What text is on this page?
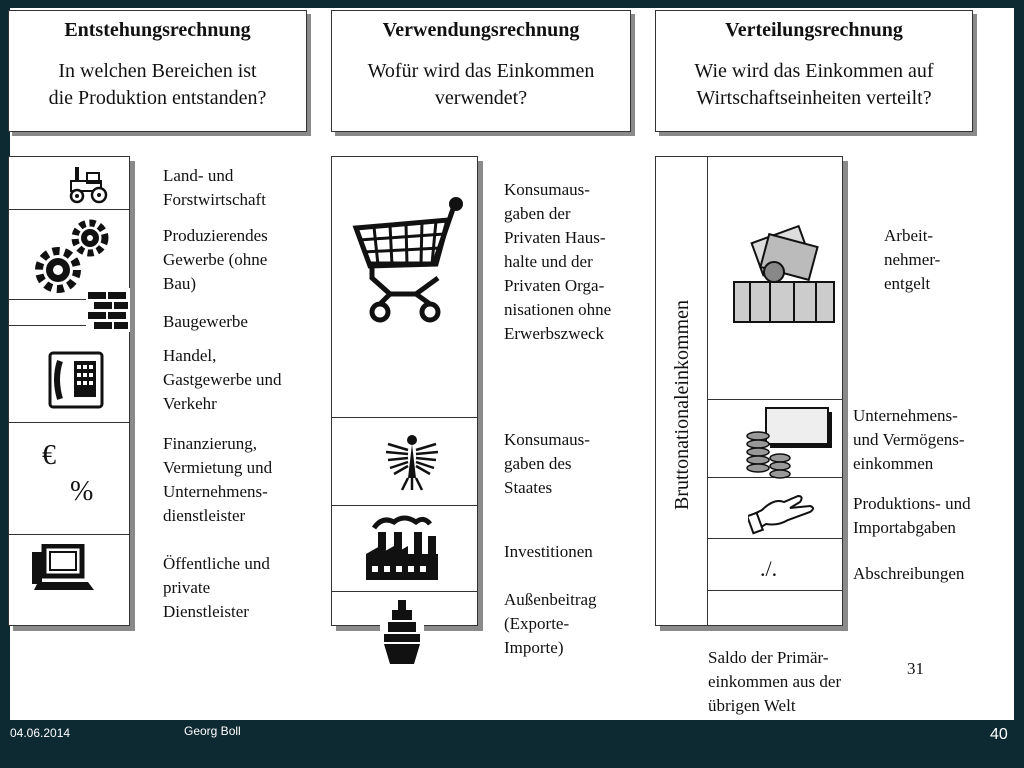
Entstehungsrechnung
In welchen Bereichen ist
die Produktion entstanden?
Verwendungsrechnung
Wofür wird das Einkommen
verwendet?
Verteilungsrechnung
Wie wird das Einkommen auf
Wirtschaftseinheiten verteilt?
€
%
Land- und
Forstwirtschaft
Produzierendes
Gewerbe (ohne
Bau)
Baugewerbe
Handel,
Gastgewerbe und
Verkehr
Finanzierung,
Vermietung und
Unternehmens-
dienstleister
Öffentliche und
private
Dienstleister
Konsumaus-
gaben der
Privaten Haus-
halte und der
Privaten Orga-
nisationen ohne
Erwerbszweck
Konsumaus-
gaben des
Staates
Investitionen
Außenbeitrag
(Exporte-
Importe)
Bruttonationaleinkommen
./.
Arbeit-
nehmer-
entgelt
Unternehmens-
und Vermögens-
einkommen
Produktions- und
Importabgaben
Abschreibungen
Saldo der Primär-
einkommen aus der
übrigen Welt
31
04.06.2014	Georg Boll	40
